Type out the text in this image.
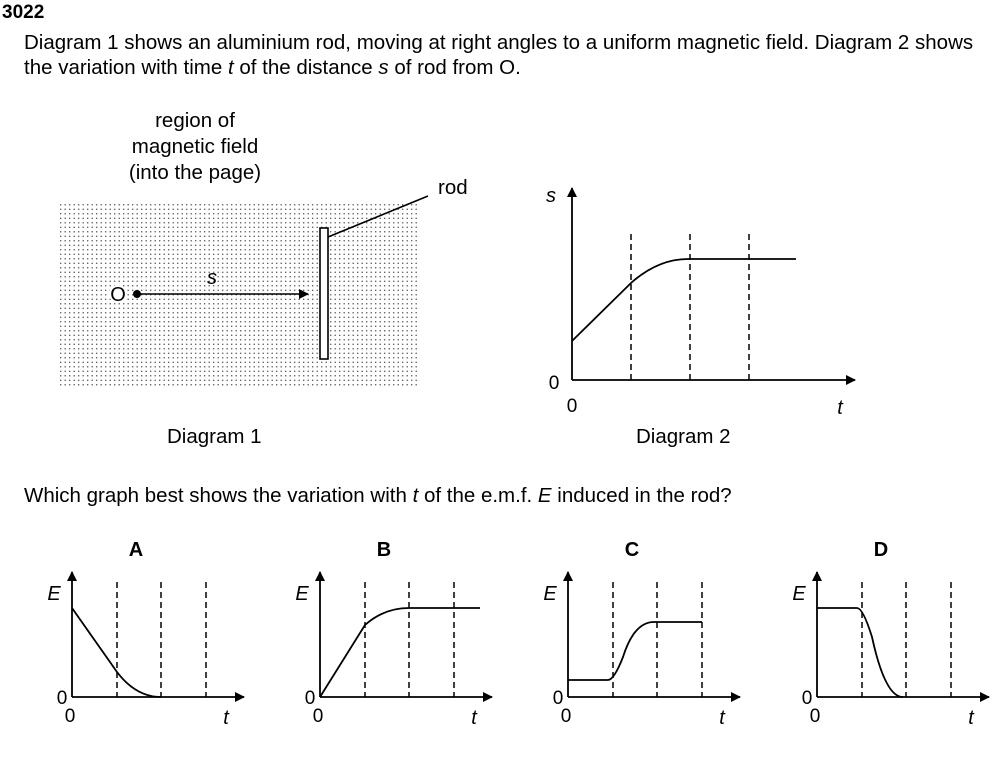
3022
Diagram 1 shows an aluminium rod, moving at right angles to a uniform magnetic field. Diagram 2 shows the variation with time t of the distance s of rod from O.
region of
magnetic field
(into the page)
rod
Diagram 1	Diagram 2
Which graph best shows the variation with t of the e.m.f. E induced in the rod?
O
s
s
t
0
0
A
E
t
0
0
B
E
t
0
0
C
E
t
0
0
D
E
t
0
0
